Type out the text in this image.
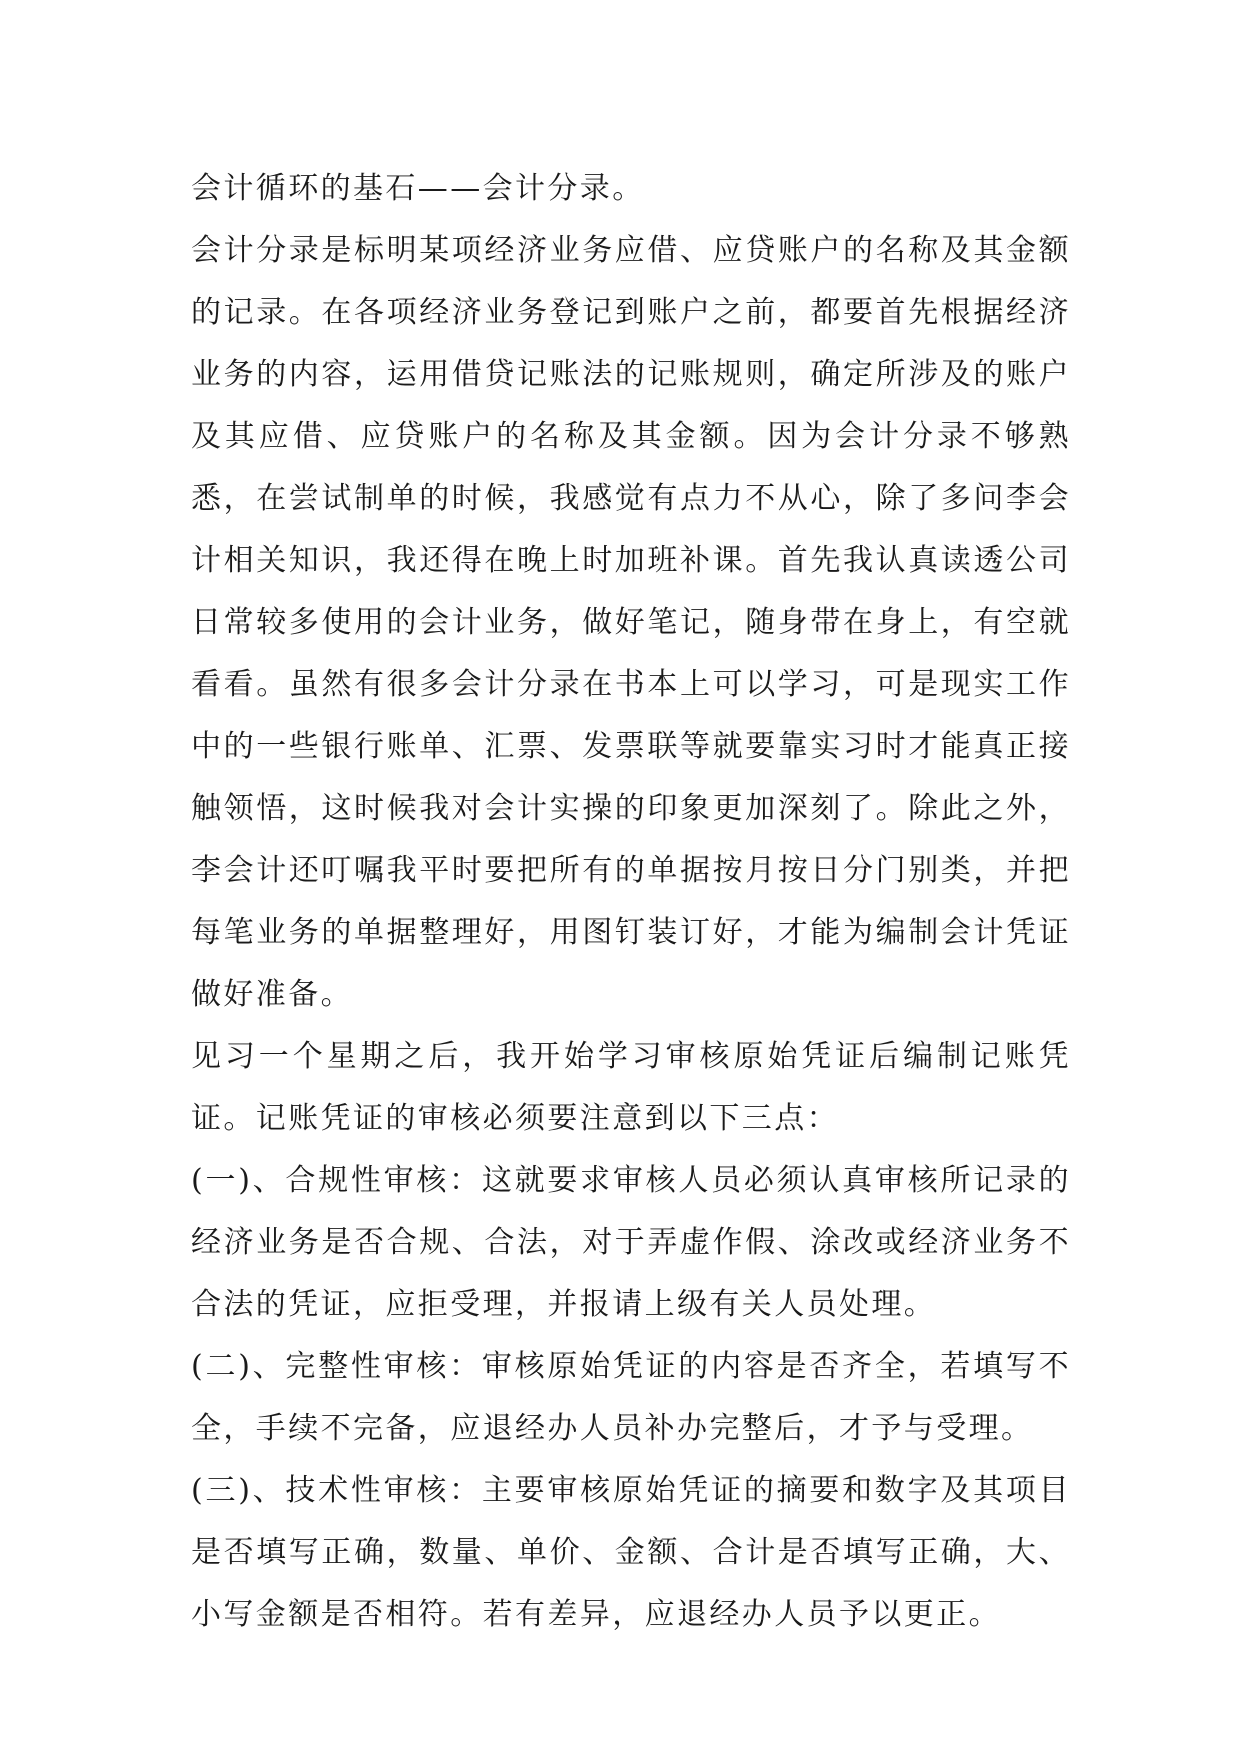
会计循环的基石——会计分录。

会计分录是标明某项经济业务应借、应贷账户的名称及其金额的记录。在各项经济业务登记到账户之前，都要首先根据经济业务的内容，运用借贷记账法的记账规则，确定所涉及的账户及其应借、应贷账户的名称及其金额。因为会计分录不够熟悉，在尝试制单的时候，我感觉有点力不从心，除了多问李会计相关知识，我还得在晚上时加班补课。首先我认真读透公司日常较多使用的会计业务，做好笔记，随身带在身上，有空就看看。虽然有很多会计分录在书本上可以学习，可是现实工作中的一些银行账单、汇票、发票联等就要靠实习时才能真正接触领悟，这时候我对会计实操的印象更加深刻了。除此之外，李会计还叮嘱我平时要把所有的单据按月按日分门别类，并把每笔业务的单据整理好，用图钉装订好，才能为编制会计凭证做好准备。

见习一个星期之后，我开始学习审核原始凭证后编制记账凭证。记账凭证的审核必须要注意到以下三点：

(一)、合规性审核：这就要求审核人员必须认真审核所记录的经济业务是否合规、合法，对于弄虚作假、涂改或经济业务不合法的凭证，应拒受理，并报请上级有关人员处理。

(二)、完整性审核：审核原始凭证的内容是否齐全，若填写不全，手续不完备，应退经办人员补办完整后，才予与受理。

(三)、技术性审核：主要审核原始凭证的摘要和数字及其项目是否填写正确，数量、单价、金额、合计是否填写正确，大、小写金额是否相符。若有差异，应退经办人员予以更正。
